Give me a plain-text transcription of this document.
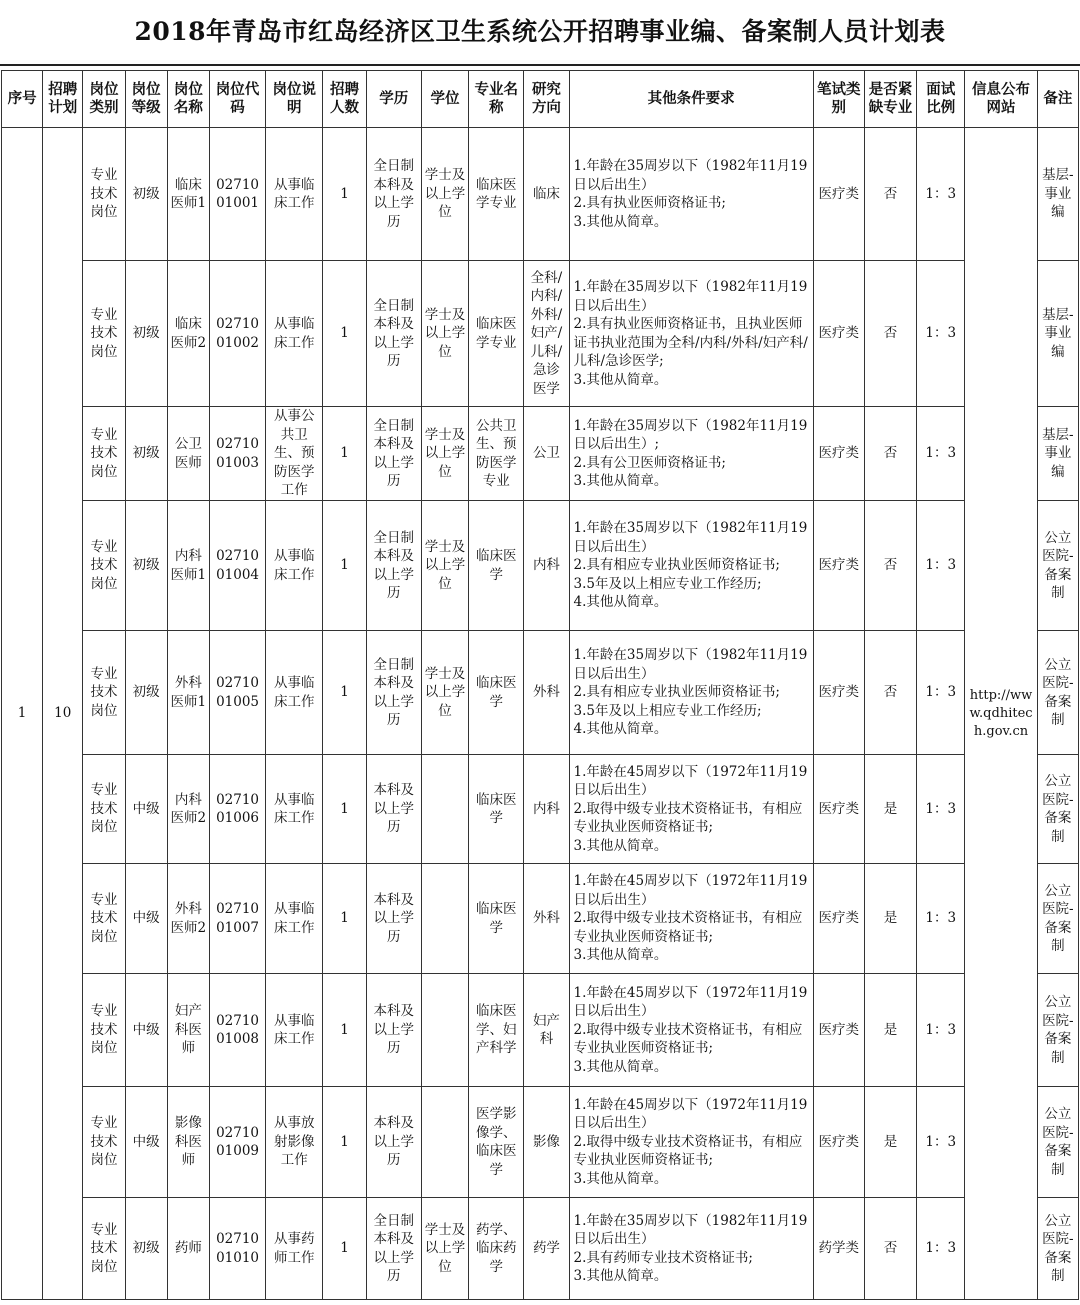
2018年青岛市红岛经济区卫生系统公开招聘事业编、备案制人员计划表
序号	招聘计划	岗位类别	岗位等级	岗位名称	岗位代码	岗位说明	招聘人数	学历	学位	专业名称	研究方向	其他条件要求	笔试类别	是否紧缺专业	面试比例	信息公布网站	备注
1	10	专业技术岗位	初级	临床医师1	0271001001	从事临床工作	1	全日制本科及以上学历	学士及以上学位	临床医学专业	临床	1.年龄在35周岁以下（1982年11月19日以后出生）
2.具有执业医师资格证书;
3.其他从简章。	医疗类	否	1：3	http://www.qdhitech.gov.cn	基层-事业编
		专业技术岗位	初级	临床医师2	0271001002	从事临床工作	1	全日制本科及以上学历	学士及以上学位	临床医学专业	全科/内科/外科/妇产/儿科/急诊医学	1.年龄在35周岁以下（1982年11月19日以后出生）
2.具有执业医师资格证书，且执业医师证书执业范围为全科/内科/外科/妇产科/儿科/急诊医学;
3.其他从简章。	医疗类	否	1：3		基层-事业编
		专业技术岗位	初级	公卫医师	0271001003	从事公共卫生、预防医学工作	1	全日制本科及以上学历	学士及以上学位	公共卫生、预防医学专业	公卫	1.年龄在35周岁以下（1982年11月19日以后出生）;
2.具有公卫医师资格证书;
3.其他从简章。	医疗类	否	1：3		基层-事业编
		专业技术岗位	初级	内科医师1	0271001004	从事临床工作	1	全日制本科及以上学历	学士及以上学位	临床医学	内科	1.年龄在35周岁以下（1982年11月19日以后出生）
2.具有相应专业执业医师资格证书;
3.5年及以上相应专业工作经历;
4.其他从简章。	医疗类	否	1：3		公立医院-备案制
		专业技术岗位	初级	外科医师1	0271001005	从事临床工作	1	全日制本科及以上学历	学士及以上学位	临床医学	外科	1.年龄在35周岁以下（1982年11月19日以后出生）
2.具有相应专业执业医师资格证书;
3.5年及以上相应专业工作经历;
4.其他从简章。	医疗类	否	1：3		公立医院-备案制
		专业技术岗位	中级	内科医师2	0271001006	从事临床工作	1	本科及以上学历		临床医学	内科	1.年龄在45周岁以下（1972年11月19日以后出生）
2.取得中级专业技术资格证书，有相应专业执业医师资格证书;
3.其他从简章。	医疗类	是	1：3		公立医院-备案制
		专业技术岗位	中级	外科医师2	0271001007	从事临床工作	1	本科及以上学历		临床医学	外科	1.年龄在45周岁以下（1972年11月19日以后出生）
2.取得中级专业技术资格证书，有相应专业执业医师资格证书;
3.其他从简章。	医疗类	是	1：3		公立医院-备案制
		专业技术岗位	中级	妇产科医师	0271001008	从事临床工作	1	本科及以上学历		临床医学、妇产科学	妇产科	1.年龄在45周岁以下（1972年11月19日以后出生）
2.取得中级专业技术资格证书，有相应专业执业医师资格证书;
3.其他从简章。	医疗类	是	1：3		公立医院-备案制
		专业技术岗位	中级	影像科医师	0271001009	从事放射影像工作	1	本科及以上学历		医学影像学、临床医学	影像	1.年龄在45周岁以下（1972年11月19日以后出生）
2.取得中级专业技术资格证书，有相应专业执业医师资格证书;
3.其他从简章。	医疗类	是	1：3		公立医院-备案制
		专业技术岗位	初级	药师	0271001010	从事药师工作	1	全日制本科及以上学历	学士及以上学位	药学、临床药学	药学	1.年龄在35周岁以下（1982年11月19日以后出生）
2.具有药师专业技术资格证书;
3.其他从简章。	药学类	否	1：3		公立医院-备案制
